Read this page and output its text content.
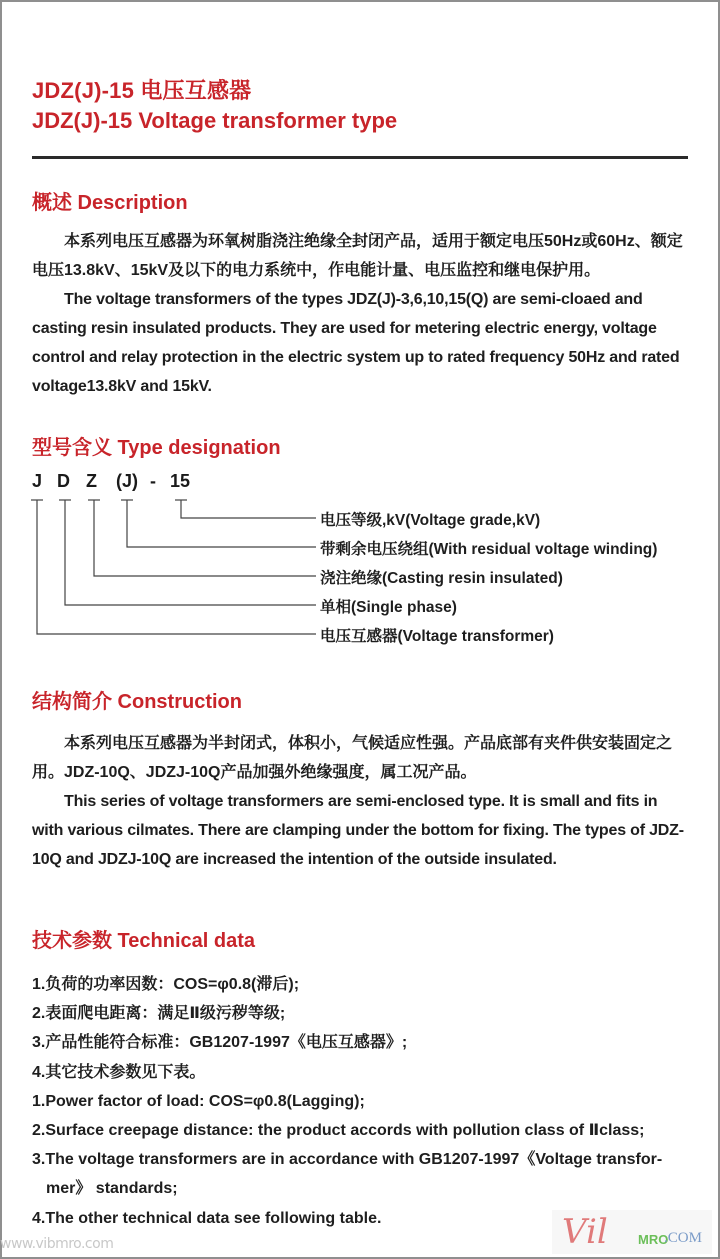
JDZ(J)-15 电压互感器
JDZ(J)-15 Voltage transformer type
概述 Description

本系列电压互感器为环氧树脂浇注绝缘全封闭产品，适用于额定电压50Hz或60Hz、额定电压13.8kV、15kV及以下的电力系统中，作电能计量、电压监控和继电保护用。

The voltage transformers of the types JDZ(J)-3,6,10,15(Q) are semi-cloaed and casting resin insulated products. They are used for metering electric energy, voltage control and relay protection in the electric system up to rated frequency 50Hz and rated voltage13.8kV and 15kV.

型号含义 Type designation
J D Z (J) - 15
电压等级,kV(Voltage grade,kV)
带剩余电压绕组(With residual voltage winding)
浇注绝缘(Casting resin insulated)
单相(Single phase)
电压互感器(Voltage transformer)
结构简介 Construction

本系列电压互感器为半封闭式，体积小，气候适应性强。产品底部有夹件供安装固定之用。JDZ-10Q、JDZJ-10Q产品加强外绝缘强度，属工况产品。

This series of voltage transformers are semi-enclosed type. It is small and fits in with various cilmates. There are clamping under the bottom for fixing. The types of JDZ-10Q and JDZJ-10Q are increased the intention of the outside insulated.

技术参数 Technical data
1.负荷的功率因数：COS=φ0.8(滞后);
2.表面爬电距离：满足Ⅱ级污秽等级;
3.产品性能符合标准：GB1207-1997《电压互感器》;
4.其它技术参数见下表。
1.Power factor of load: COS=φ0.8(Lagging);
2.Surface creepage distance: the product accords with pollution class of Ⅱclass;
3.The voltage transformers are in accordance with GB1207-1997《Voltage transfor-
mer》 standards;
4.The other technical data see following table.
www.vibmro.com	Vil MRO
.COM
